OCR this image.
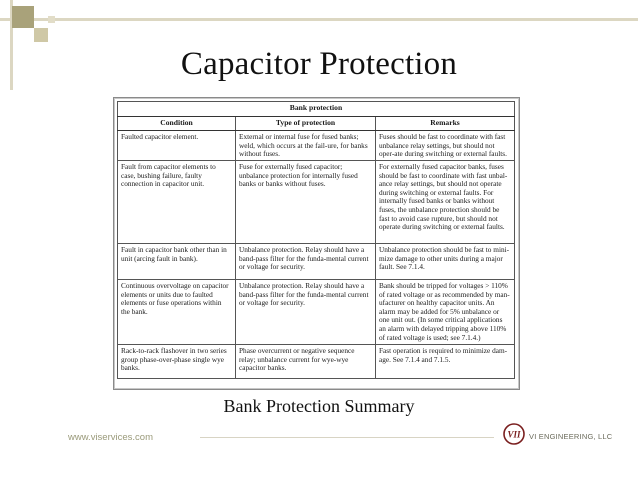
Capacitor Protection
Bank protection		
Condition	Type of protection	Remarks
Faulted capacitor element.	External or internal fuse for fused banks; weld, which occurs at the fail-ure, for banks without fuses.	Fuses should be fast to coordinate with fast unbalance relay settings, but should not oper-ate during switching or external faults.
Fault from capacitor elements to case, bushing failure, faulty connection in capacitor unit.	Fuse for externally fused capacitor; unbalance protection for internally fused banks or banks without fuses.	For externally fused capacitor banks, fuses should be fast to coordinate with fast unbal-ance relay settings, but should not operate during switching or external faults. For internally fused banks or banks without fuses, the unbalance protection should be fast to avoid case rupture, but should not operate during switching or external faults.
Fault in capacitor bank other than in unit (arcing fault in bank).	Unbalance protection. Relay should have a band-pass filter for the funda-mental current or voltage for security.	Unbalance protection should be fast to mini-mize damage to other units during a major fault. See 7.1.4.
Continuous overvoltage on capacitor elements or units due to faulted elements or fuse operations within the bank.	Unbalance protection. Relay should have a band-pass filter for the funda-mental current or voltage for security.	Bank should be tripped for voltages > 110% of rated voltage or as recommended by man-ufacturer on healthy capacitor units. An alarm may be added for 5% unbalance or one unit out. (In some critical applications an alarm with delayed tripping above 110% of rated voltage is used; see 7.1.4.)
Rack-to-rack flashover in two series group phase-over-phase single wye banks.	Phase overcurrent or negative sequence relay; unbalance current for wye-wye capacitor banks.	Fast operation is required to minimize dam-age. See 7.1.4 and 7.1.5.
Bank Protection Summary
www.viservices.com	VII VI ENGINEERING, LLC
